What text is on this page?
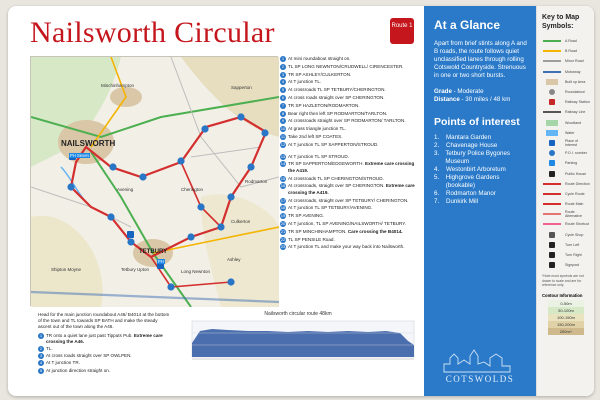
Nailsworth Circular	Route 1
NAILSWORTH
TETBURY
Avening
Long Newnton
Tetbury Upton
Cherington
Rodmarton
Culkerton
Ashley
Shipton Moyne
Sapperton
Minchinhampton
PH Seven
PH
1 At mini roundabout straight on.
2 TL SP LONG NEWNTON/CRUDWELL/ CIRENCESTER.
3 TR SP ASHLEY/CULKERTON.
4 At T junction TL.
5 At crossroads TL SP TETBURY/CHERINGTON.
6 At cross roads straight over SP CHERINGTON.
7 TR SP HAZLETON/RODMARTON.
8 Bear right then left SP RODMARTON/TARLTON.
9 At crossroads straight over SP RODMARTON/ TARLTON.
10 At grass triangle junction TL.
11 Take 2nd left SP COATES.
12 At T junction TL SP SAPPERTON/STROUD.
13 At T junction TL SP STROUD.
14 TR SP SAPPERTON/EDGEWORTH. Extreme care crossing the A419.
15 At crossroads TL SP CHERINGTON/STROUD.
16 At crossroads, straight over SP CHERINGTON. Extreme care crossing the A419.
17 At crossroads, straight over SP TETBURY/ CHERINGTON.
18 At T junction TL SP TETBURY/AVENING.
19 TR SP AVENING.
20 At T junction, TL SP AVENING/NAILSWORTH/ TETBURY.
21 TR SP MINCHINHAMPTON. Care crossing the B4014.
22 TL SP PENSILE Road.
23 At T junction TL and make your way back into Nailsworth.
Head for the main junction roundabout A46/ B4014 at the bottom of the town and TL towards SP BATH and make the steady ascent out of the town along the A46.
1 TR onto a quiet lane just past Tipputs Pub. Extreme care crossing the A46.
2 TL.
3 At cross roads straight over SP OWLPEN.
4 At T junction TR.
5 At junction direction straight on.
Nailsworth circular route 48km
At a Glance

Apart from brief stints along A and B roads, the route follows quiet unclassified lanes through rolling Cotswold Countryside. Strenuous in one or two short bursts.

Grade - Moderate
Distance - 30 miles / 48 km
Points of interest
1.	Mantara Garden
2.	Chavenage House
3. Tetbury Police Bygones Museum
4.	Westonbirt Arboretum
5.	Highgrove Gardens (bookable)
6.	Rodmarton Manor
7.	Dunkirk Mill
COTSWOLDS
Key to Map Symbols:
A Road
B Road
Minor Road
Motorway
Built up Area
Roundabout
Railway Station
Railway Line
Woodland
Water
Place of Interest
P.O.I. number
Parking
Public House
Route Direction
Cycle Route
Route Main
Route Alternative
Route Shortcut
Cycle Shop
Turn Left
Turn Right
Signpost
*Note most symbols are not drawn to scale and are for reference only.
Contour Information
0-50m
50-100m
100-150m
150-200m
200m+
